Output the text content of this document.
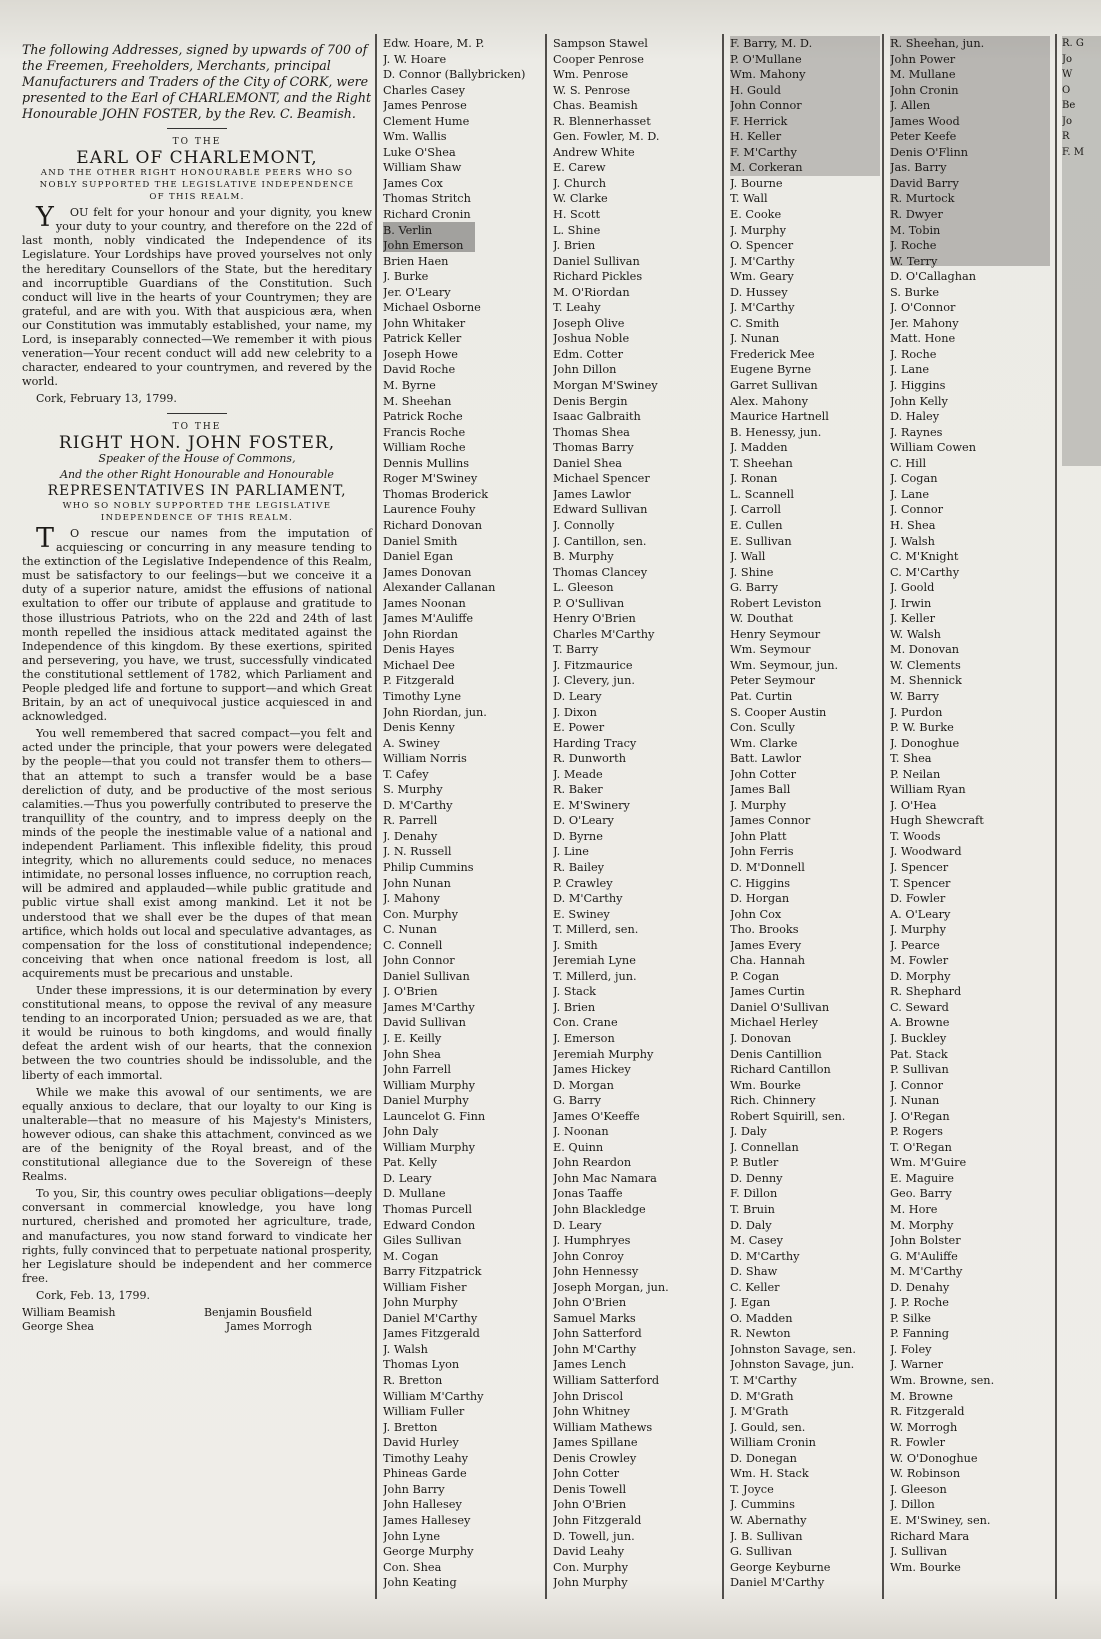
The following Addresses, signed by upwards of 700 of the Freemen, Freeholders, Merchants, principal Manufacturers and Traders of the City of CORK, were presented to the Earl of CHARLEMONT, and the Right Honourable JOHN FOSTER, by the Rev. C. Beamish.
TO THE
EARL OF CHARLEMONT,
AND THE OTHER RIGHT HONOURABLE PEERS WHO SO NOBLY SUPPORTED THE LEGISLATIVE INDEPENDENCE OF THIS REALM.
YOU felt for your honour and your dignity, you knew your duty to your country, and therefore on the 22d of last month, nobly vindicated the Independence of its Legislature. Your Lordships have proved yourselves not only the hereditary Counsellors of the State, but the hereditary and incorruptible Guardians of the Constitution. Such conduct will live in the hearts of your Countrymen; they are grateful, and are with you. With that auspicious æra, when our Constitution was immutably established, your name, my Lord, is inseparably connected—We remember it with pious veneration—Your recent conduct will add new celebrity to a character, endeared to your countrymen, and revered by the world.
Cork, February 13, 1799.
TO THE
RIGHT HON. JOHN FOSTER,
Speaker of the House of Commons,
And the other Right Honourable and Honourable
REPRESENTATIVES IN PARLIAMENT,
WHO SO NOBLY SUPPORTED THE LEGISLATIVE INDEPENDENCE OF THIS REALM.
TO rescue our names from the imputation of acquiescing or concurring in any measure tending to the extinction of the Legislative Independence of this Realm, must be satisfactory to our feelings—but we conceive it a duty of a superior nature, amidst the effusions of national exultation to offer our tribute of applause and gratitude to those illustrious Patriots, who on the 22d and 24th of last month repelled the insidious attack meditated against the Independence of this kingdom. By these exertions, spirited and persevering, you have, we trust, successfully vindicated the constitutional settlement of 1782, which Parliament and People pledged life and fortune to support—and which Great Britain, by an act of unequivocal justice acquiesced in and acknowledged.
You well remembered that sacred compact—you felt and acted under the principle, that your powers were delegated by the people—that you could not transfer them to others—that an attempt to such a transfer would be a base dereliction of duty, and be productive of the most serious calamities.—Thus you powerfully contributed to preserve the tranquillity of the country, and to impress deeply on the minds of the people the inestimable value of a national and independent Parliament. This inflexible fidelity, this proud integrity, which no allurements could seduce, no menaces intimidate, no personal losses influence, no corruption reach, will be admired and applauded—while public gratitude and public virtue shall exist among mankind. Let it not be understood that we shall ever be the dupes of that mean artifice, which holds out local and speculative advantages, as compensation for the loss of constitutional independence; conceiving that when once national freedom is lost, all acquirements must be precarious and unstable.
Under these impressions, it is our determination by every constitutional means, to oppose the revival of any measure tending to an incorporated Union; persuaded as we are, that it would be ruinous to both kingdoms, and would finally defeat the ardent wish of our hearts, that the connexion between the two countries should be indissoluble, and the liberty of each immortal.
While we make this avowal of our sentiments, we are equally anxious to declare, that our loyalty to our King is unalterable—that no measure of his Majesty's Ministers, however odious, can shake this attachment, convinced as we are of the benignity of the Royal breast, and of the constitutional allegiance due to the Sovereign of these Realms.
To you, Sir, this country owes peculiar obligations—deeply conversant in commercial knowledge, you have long nurtured, cherished and promoted her agriculture, trade, and manufactures, you now stand forward to vindicate her rights, fully convinced that to perpetuate national prosperity, her Legislature should be independent and her commerce free.
Cork, Feb. 13, 1799.
William Beamish	Benjamin Bousfield
George Shea	James Morrogh
Edw. Hoare, M. P.
J. W. Hoare
D. Connor (Ballybricken)
Charles Casey
James Penrose
Clement Hume
Wm. Wallis
Luke O'Shea
William Shaw
James Cox
Thomas Stritch
Richard Cronin
B. Verlin
John Emerson
Brien Haen
J. Burke
Jer. O'Leary
Michael Osborne
John Whitaker
Patrick Keller
Joseph Howe
David Roche
M. Byrne
M. Sheehan
Patrick Roche
Francis Roche
William Roche
Dennis Mullins
Roger M'Swiney
Thomas Broderick
Laurence Fouhy
Richard Donovan
Daniel Smith
Daniel Egan
James Donovan
Alexander Callanan
James Noonan
James M'Auliffe
John Riordan
Denis Hayes
Michael Dee
P. Fitzgerald
Timothy Lyne
John Riordan, jun.
Denis Kenny
A. Swiney
William Norris
T. Cafey
S. Murphy
D. M'Carthy
R. Parrell
J. Denahy
J. N. Russell
Philip Cummins
John Nunan
J. Mahony
Con. Murphy
C. Nunan
C. Connell
John Connor
Daniel Sullivan
J. O'Brien
James M'Carthy
David Sullivan
J. E. Keilly
John Shea
John Farrell
William Murphy
Daniel Murphy
Launcelot G. Finn
John Daly
William Murphy
Pat. Kelly
D. Leary
D. Mullane
Thomas Purcell
Edward Condon
Giles Sullivan
M. Cogan
Barry Fitzpatrick
William Fisher
John Murphy
Daniel M'Carthy
James Fitzgerald
J. Walsh
Thomas Lyon
R. Bretton
William M'Carthy
William Fuller
J. Bretton
David Hurley
Timothy Leahy
Phineas Garde
John Barry
John Hallesey
James Hallesey
John Lyne
George Murphy
Con. Shea
John Keating
Sampson Stawel
Cooper Penrose
Wm. Penrose
W. S. Penrose
Chas. Beamish
R. Blennerhasset
Gen. Fowler, M. D.
Andrew White
E. Carew
J. Church
W. Clarke
H. Scott
L. Shine
J. Brien
Daniel Sullivan
Richard Pickles
M. O'Riordan
T. Leahy
Joseph Olive
Joshua Noble
Edm. Cotter
John Dillon
Morgan M'Swiney
Denis Bergin
Isaac Galbraith
Thomas Shea
Thomas Barry
Daniel Shea
Michael Spencer
James Lawlor
Edward Sullivan
J. Connolly
J. Cantillon, sen.
B. Murphy
Thomas Clancey
L. Gleeson
P. O'Sullivan
Henry O'Brien
Charles M'Carthy
T. Barry
J. Fitzmaurice
J. Clevery, jun.
D. Leary
J. Dixon
E. Power
Harding Tracy
R. Dunworth
J. Meade
R. Baker
E. M'Swinery
D. O'Leary
D. Byrne
J. Line
R. Bailey
P. Crawley
D. M'Carthy
E. Swiney
T. Millerd, sen.
J. Smith
Jeremiah Lyne
T. Millerd, jun.
J. Stack
J. Brien
Con. Crane
J. Emerson
Jeremiah Murphy
James Hickey
D. Morgan
G. Barry
James O'Keeffe
J. Noonan
E. Quinn
John Reardon
John Mac Namara
Jonas Taaffe
John Blackledge
D. Leary
J. Humphryes
John Conroy
John Hennessy
Joseph Morgan, jun.
John O'Brien
Samuel Marks
John Satterford
John M'Carthy
James Lench
William Satterford
John Driscol
John Whitney
William Mathews
James Spillane
Denis Crowley
John Cotter
Denis Towell
John O'Brien
John Fitzgerald
D. Towell, jun.
David Leahy
Con. Murphy
John Murphy
F. Barry, M. D.
P. O'Mullane
Wm. Mahony
H. Gould
John Connor
F. Herrick
H. Keller
F. M'Carthy
M. Corkeran
J. Bourne
T. Wall
E. Cooke
J. Murphy
O. Spencer
J. M'Carthy
Wm. Geary
D. Hussey
J. M'Carthy
C. Smith
J. Nunan
Frederick Mee
Eugene Byrne
Garret Sullivan
Alex. Mahony
Maurice Hartnell
B. Henessy, jun.
J. Madden
T. Sheehan
J. Ronan
L. Scannell
J. Carroll
E. Cullen
E. Sullivan
J. Wall
J. Shine
G. Barry
Robert Leviston
W. Douthat
Henry Seymour
Wm. Seymour
Wm. Seymour, jun.
Peter Seymour
Pat. Curtin
S. Cooper Austin
Con. Scully
Wm. Clarke
Batt. Lawlor
John Cotter
James Ball
J. Murphy
James Connor
John Platt
John Ferris
D. M'Donnell
C. Higgins
D. Horgan
John Cox
Tho. Brooks
James Every
Cha. Hannah
P. Cogan
James Curtin
Daniel O'Sullivan
Michael Herley
J. Donovan
Denis Cantillion
Richard Cantillon
Wm. Bourke
Rich. Chinnery
Robert Squirill, sen.
J. Daly
J. Connellan
P. Butler
D. Denny
F. Dillon
T. Bruin
D. Daly
M. Casey
D. M'Carthy
D. Shaw
C. Keller
J. Egan
O. Madden
R. Newton
Johnston Savage, sen.
Johnston Savage, jun.
T. M'Carthy
D. M'Grath
J. M'Grath
J. Gould, sen.
William Cronin
D. Donegan
Wm. H. Stack
T. Joyce
J. Cummins
W. Abernathy
J. B. Sullivan
G. Sullivan
George Keyburne
Daniel M'Carthy
R. Sheehan, jun.
John Power
M. Mullane
John Cronin
J. Allen
James Wood
Peter Keefe
Denis O'Flinn
Jas. Barry
David Barry
R. Murtock
R. Dwyer
M. Tobin
J. Roche
W. Terry
D. O'Callaghan
S. Burke
J. O'Connor
Jer. Mahony
Matt. Hone
J. Roche
J. Lane
J. Higgins
John Kelly
D. Haley
J. Raynes
William Cowen
C. Hill
J. Cogan
J. Lane
J. Connor
H. Shea
J. Walsh
C. M'Knight
C. M'Carthy
J. Goold
J. Irwin
J. Keller
W. Walsh
M. Donovan
W. Clements
M. Shennick
W. Barry
J. Purdon
P. W. Burke
J. Donoghue
T. Shea
P. Neilan
William Ryan
J. O'Hea
Hugh Shewcraft
T. Woods
J. Woodward
J. Spencer
T. Spencer
D. Fowler
A. O'Leary
J. Murphy
J. Pearce
M. Fowler
D. Morphy
R. Shephard
C. Seward
A. Browne
J. Buckley
Pat. Stack
P. Sullivan
J. Connor
J. Nunan
J. O'Regan
P. Rogers
T. O'Regan
Wm. M'Guire
E. Maguire
Geo. Barry
M. Hore
M. Morphy
John Bolster
G. M'Auliffe
M. M'Carthy
D. Denahy
J. P. Roche
P. Silke
P. Fanning
J. Foley
J. Warner
Wm. Browne, sen.
M. Browne
R. Fitzgerald
W. Morrogh
R. Fowler
W. O'Donoghue
W. Robinson
J. Gleeson
J. Dillon
E. M'Swiney, sen.
Richard Mara
J. Sullivan
Wm. Bourke
R. G
Jo
W
O
Be
Jo
R
F. M
